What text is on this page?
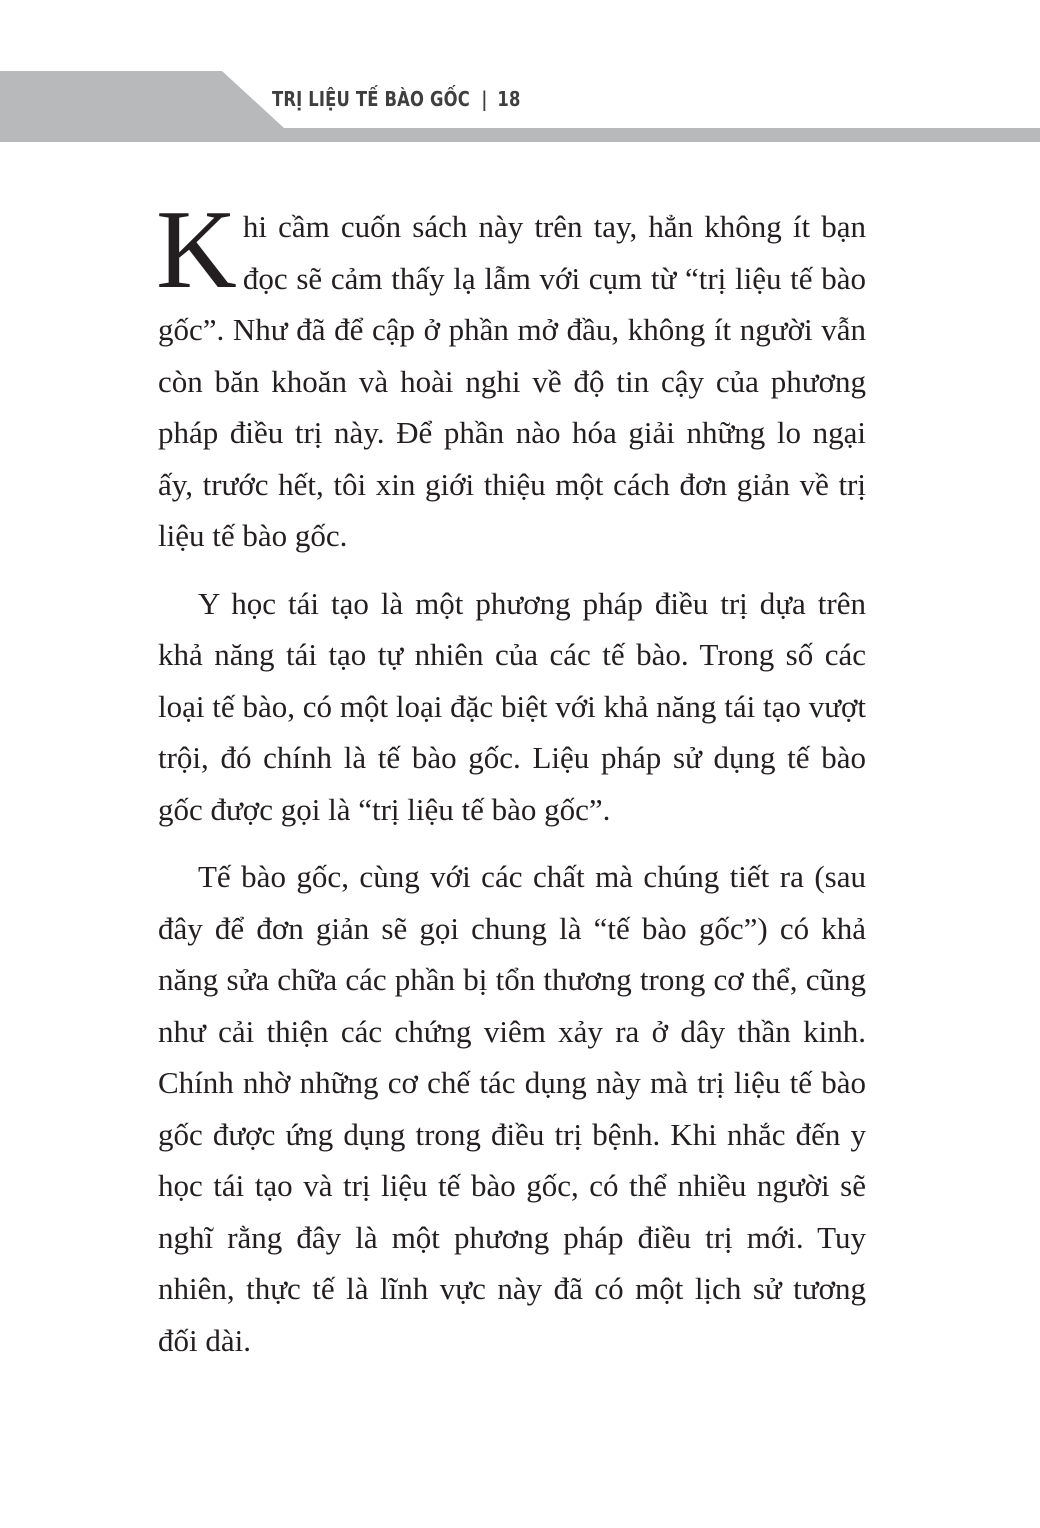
TRỊ LIỆU TẾ BÀO GỐC | 18

Khi cầm cuốn sách này trên tay, hẳn không ít bạn đọc sẽ cảm thấy lạ lẫm với cụm từ “trị liệu tế bào gốc”. Như đã để cập ở phần mở đầu, không ít người vẫn còn băn khoăn và hoài nghi về độ tin cậy của phương pháp điều trị này. Để phần nào hóa giải những lo ngại ấy, trước hết, tôi xin giới thiệu một cách đơn giản về trị liệu tế bào gốc.

Y học tái tạo là một phương pháp điều trị dựa trên khả năng tái tạo tự nhiên của các tế bào. Trong số các loại tế bào, có một loại đặc biệt với khả năng tái tạo vượt trội, đó chính là tế bào gốc. Liệu pháp sử dụng tế bào gốc được gọi là “trị liệu tế bào gốc”.

Tế bào gốc, cùng với các chất mà chúng tiết ra (sau đây để đơn giản sẽ gọi chung là “tế bào gốc”) có khả năng sửa chữa các phần bị tổn thương trong cơ thể, cũng như cải thiện các chứng viêm xảy ra ở dây thần kinh. Chính nhờ những cơ chế tác dụng này mà trị liệu tế bào gốc được ứng dụng trong điều trị bệnh. Khi nhắc đến y học tái tạo và trị liệu tế bào gốc, có thể nhiều người sẽ nghĩ rằng đây là một phương pháp điều trị mới. Tuy nhiên, thực tế là lĩnh vực này đã có một lịch sử tương đối dài.
